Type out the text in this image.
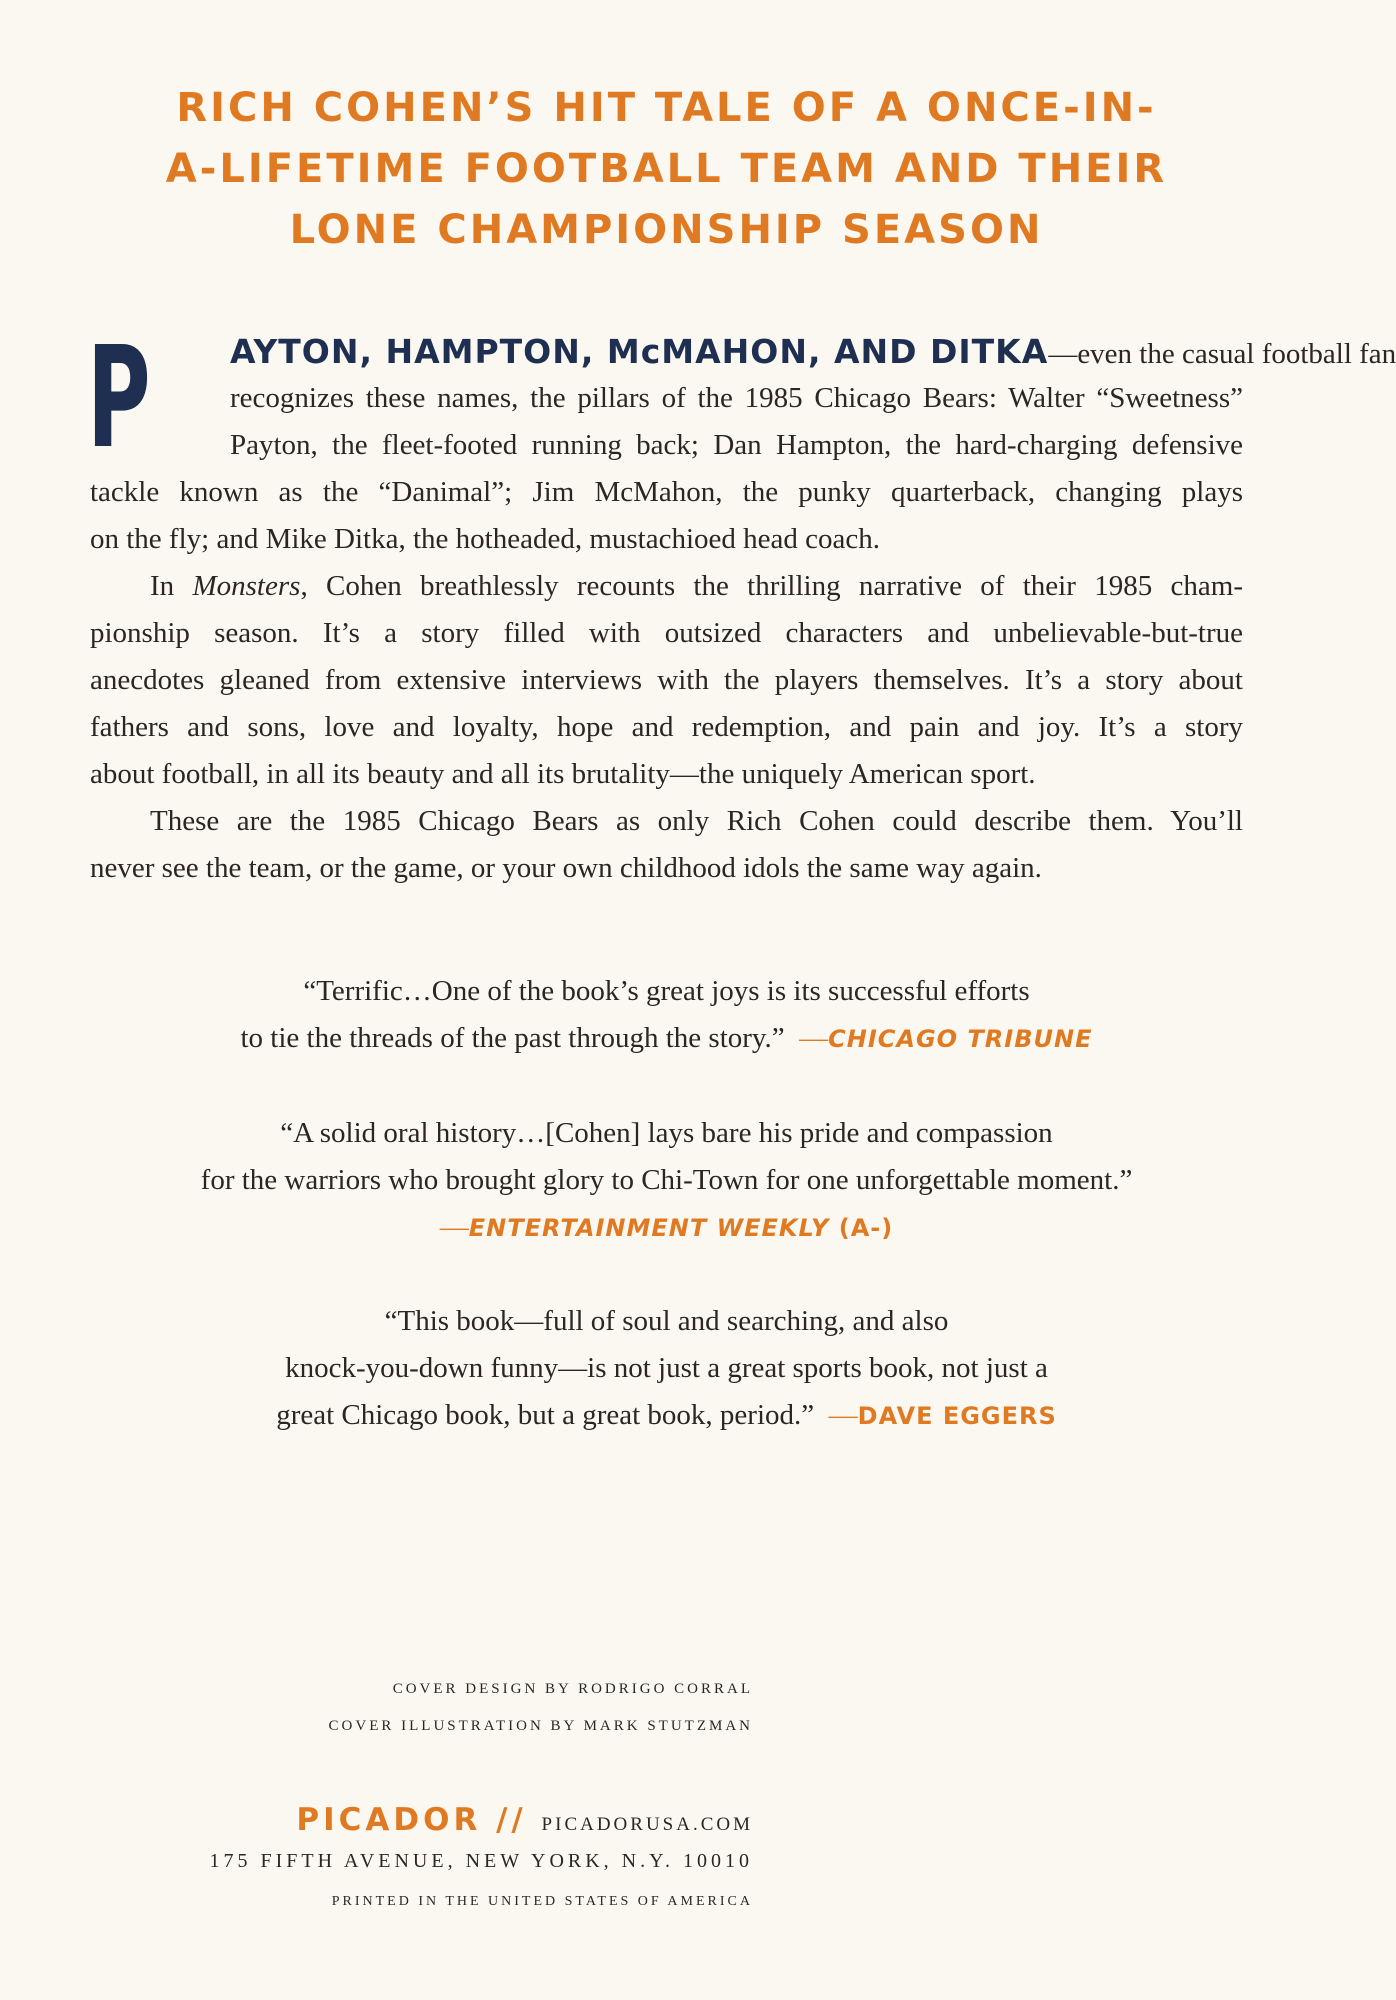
RICH COHEN’S HIT TALE OF A ONCE-IN-
A-LIFETIME FOOTBALL TEAM AND THEIR
LONE CHAMPIONSHIP SEASON
P	AYTON, HAMPTON, McMAHON, AND DITKA—even the casual football fan
recognizes these names, the pillars of the 1985 Chicago Bears: Walter “Sweetness”
Payton, the fleet-footed running back; Dan Hampton, the hard-charging defensive
tackle known as the “Danimal”; Jim McMahon, the punky quarterback, changing plays
on the fly; and Mike Ditka, the hotheaded, mustachioed head coach.
In Monsters, Cohen breathlessly recounts the thrilling narrative of their 1985 cham-
pionship season. It’s a story filled with outsized characters and unbelievable-but-true
anecdotes gleaned from extensive interviews with the players themselves. It’s a story about
fathers and sons, love and loyalty, hope and redemption, and pain and joy. It’s a story
about football, in all its beauty and all its brutality—the uniquely American sport.
These are the 1985 Chicago Bears as only Rich Cohen could describe them. You’ll
never see the team, or the game, or your own childhood idols the same way again.
“Terrific…One of the book’s great joys is its successful efforts
to tie the threads of the past through the story.” —CHICAGO TRIBUNE
“A solid oral history…[Cohen] lays bare his pride and compassion
for the warriors who brought glory to Chi-Town for one unforgettable moment.”
—ENTERTAINMENT WEEKLY (A-)
“This book—full of soul and searching, and also
knock-you-down funny—is not just a great sports book, not just a
great Chicago book, but a great book, period.” —DAVE EGGERS
COVER DESIGN BY RODRIGO CORRAL
COVER ILLUSTRATION BY MARK STUTZMAN
PICADOR // PICADORUSA.COM
175 FIFTH AVENUE, NEW YORK, N.Y. 10010
PRINTED IN THE UNITED STATES OF AMERICA
